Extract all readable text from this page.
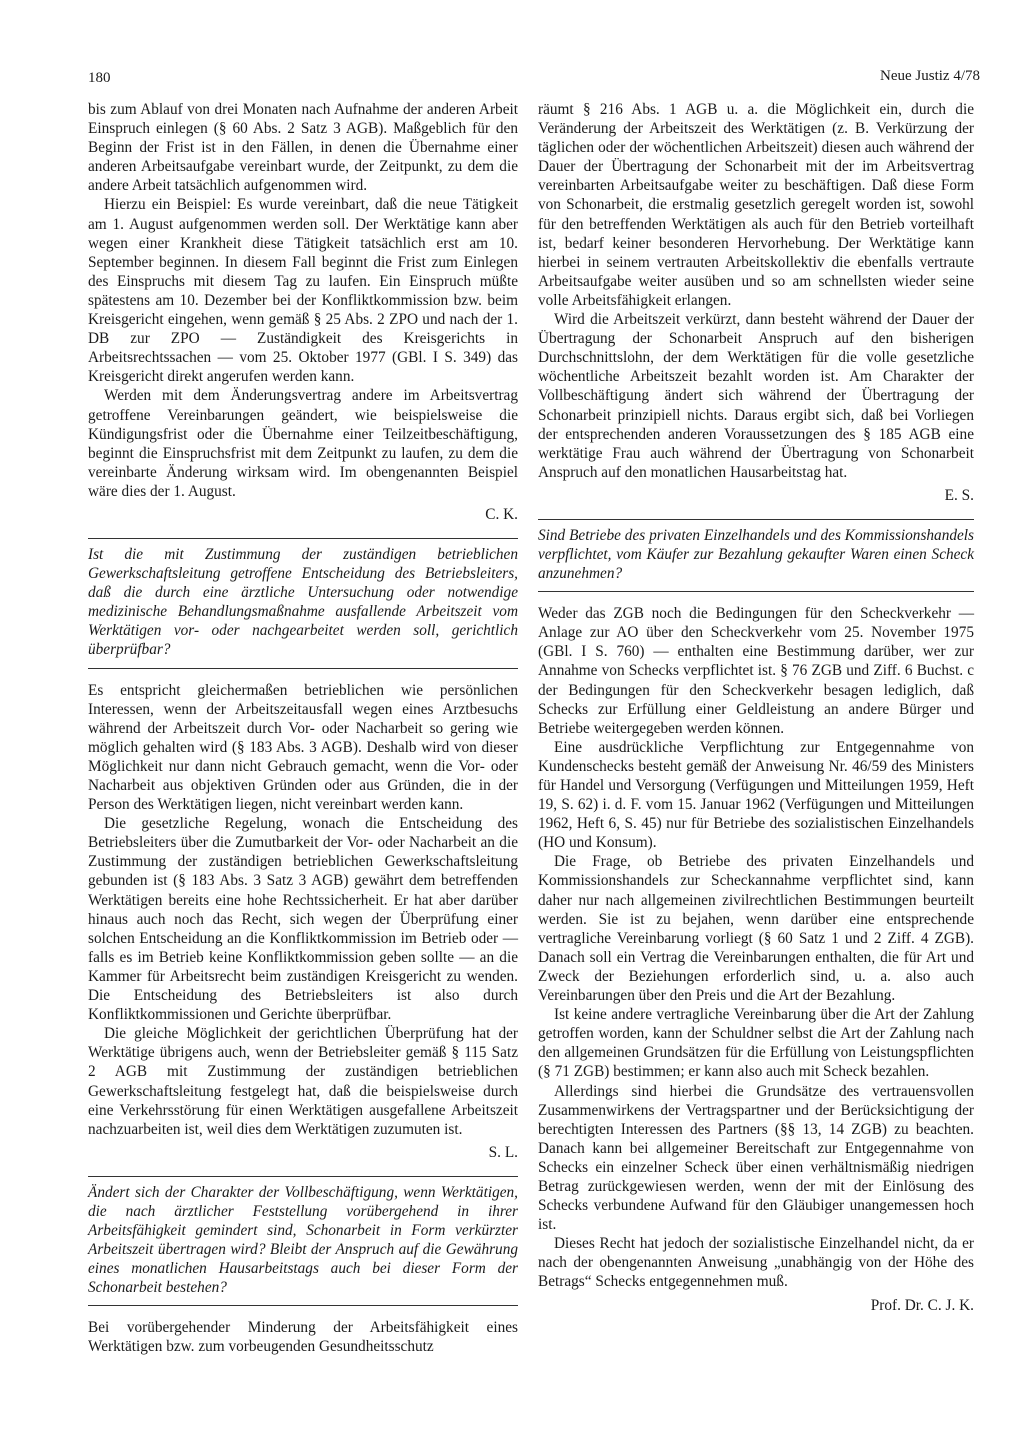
180	Neue Justiz 4/78

bis zum Ablauf von drei Monaten nach Aufnahme der anderen Arbeit Einspruch einlegen (§ 60 Abs. 2 Satz 3 AGB). Maßgeblich für den Beginn der Frist ist in den Fällen, in denen die Übernahme einer anderen Arbeitsaufgabe vereinbart wurde, der Zeitpunkt, zu dem die andere Arbeit tatsächlich aufgenommen wird.

Hierzu ein Beispiel: Es wurde vereinbart, daß die neue Tätigkeit am 1. August aufgenommen werden soll. Der Werktätige kann aber wegen einer Krankheit diese Tätigkeit tatsächlich erst am 10. September beginnen. In diesem Fall beginnt die Frist zum Einlegen des Einspruchs mit diesem Tag zu laufen. Ein Einspruch müßte spätestens am 10. Dezember bei der Konfliktkommission bzw. beim Kreisgericht eingehen, wenn gemäß § 25 Abs. 2 ZPO und nach der 1. DB zur ZPO — Zuständigkeit des Kreisgerichts in Arbeitsrechtssachen — vom 25. Oktober 1977 (GBl. I S. 349) das Kreisgericht direkt angerufen werden kann.

Werden mit dem Änderungsvertrag andere im Arbeitsvertrag getroffene Vereinbarungen geändert, wie beispielsweise die Kündigungsfrist oder die Übernahme einer Teilzeitbeschäftigung, beginnt die Einspruchsfrist mit dem Zeitpunkt zu laufen, zu dem die vereinbarte Änderung wirksam wird. Im obengenannten Beispiel wäre dies der 1. August.

C. K.

Ist die mit Zustimmung der zuständigen betrieblichen Gewerkschaftsleitung getroffene Entscheidung des Betriebsleiters, daß die durch eine ärztliche Untersuchung oder notwendige medizinische Behandlungsmaßnahme ausfallende Arbeitszeit vom Werktätigen vor- oder nachgearbeitet werden soll, gerichtlich überprüfbar?

Es entspricht gleichermaßen betrieblichen wie persönlichen Interessen, wenn der Arbeitszeitausfall wegen eines Arztbesuchs während der Arbeitszeit durch Vor- oder Nacharbeit so gering wie möglich gehalten wird (§ 183 Abs. 3 AGB). Deshalb wird von dieser Möglichkeit nur dann nicht Gebrauch gemacht, wenn die Vor- oder Nacharbeit aus objektiven Gründen oder aus Gründen, die in der Person des Werktätigen liegen, nicht vereinbart werden kann.

Die gesetzliche Regelung, wonach die Entscheidung des Betriebsleiters über die Zumutbarkeit der Vor- oder Nacharbeit an die Zustimmung der zuständigen betrieblichen Gewerkschaftsleitung gebunden ist (§ 183 Abs. 3 Satz 3 AGB) gewährt dem betreffenden Werktätigen bereits eine hohe Rechtssicherheit. Er hat aber darüber hinaus auch noch das Recht, sich wegen der Überprüfung einer solchen Entscheidung an die Konfliktkommission im Betrieb oder — falls es im Betrieb keine Konfliktkommission geben sollte — an die Kammer für Arbeitsrecht beim zuständigen Kreisgericht zu wenden. Die Entscheidung des Betriebsleiters ist also durch Konfliktkommissionen und Gerichte überprüfbar.

Die gleiche Möglichkeit der gerichtlichen Überprüfung hat der Werktätige übrigens auch, wenn der Betriebsleiter gemäß § 115 Satz 2 AGB mit Zustimmung der zuständigen betrieblichen Gewerkschaftsleitung festgelegt hat, daß die beispielsweise durch eine Verkehrsstörung für einen Werktätigen ausgefallene Arbeitszeit nachzuarbeiten ist, weil dies dem Werktätigen zuzumuten ist.

S. L.

Ändert sich der Charakter der Vollbeschäftigung, wenn Werktätigen, die nach ärztlicher Feststellung vorübergehend in ihrer Arbeitsfähigkeit gemindert sind, Schonarbeit in Form verkürzter Arbeitszeit übertragen wird? Bleibt der Anspruch auf die Gewährung eines monatlichen Hausarbeitstags auch bei dieser Form der Schonarbeit bestehen?

Bei vorübergehender Minderung der Arbeitsfähigkeit eines Werktätigen bzw. zum vorbeugenden Gesundheitsschutz

räumt § 216 Abs. 1 AGB u. a. die Möglichkeit ein, durch die Veränderung der Arbeitszeit des Werktätigen (z. B. Verkürzung der täglichen oder der wöchentlichen Arbeitszeit) diesen auch während der Dauer der Übertragung der Schonarbeit mit der im Arbeitsvertrag vereinbarten Arbeitsaufgabe weiter zu beschäftigen. Daß diese Form von Schonarbeit, die erstmalig gesetzlich geregelt worden ist, sowohl für den betreffenden Werktätigen als auch für den Betrieb vorteilhaft ist, bedarf keiner besonderen Hervorhebung. Der Werktätige kann hierbei in seinem vertrauten Arbeitskollektiv die ebenfalls vertraute Arbeitsaufgabe weiter ausüben und so am schnellsten wieder seine volle Arbeitsfähigkeit erlangen.

Wird die Arbeitszeit verkürzt, dann besteht während der Dauer der Übertragung der Schonarbeit Anspruch auf den bisherigen Durchschnittslohn, der dem Werktätigen für die volle gesetzliche wöchentliche Arbeitszeit bezahlt worden ist. Am Charakter der Vollbeschäftigung ändert sich während der Übertragung der Schonarbeit prinzipiell nichts. Daraus ergibt sich, daß bei Vorliegen der entsprechenden anderen Voraussetzungen des § 185 AGB eine werktätige Frau auch während der Übertragung von Schonarbeit Anspruch auf den monatlichen Hausarbeitstag hat.

E. S.

Sind Betriebe des privaten Einzelhandels und des Kommissionshandels verpflichtet, vom Käufer zur Bezahlung gekaufter Waren einen Scheck anzunehmen?

Weder das ZGB noch die Bedingungen für den Scheckverkehr — Anlage zur AO über den Scheckverkehr vom 25. November 1975 (GBl. I S. 760) — enthalten eine Bestimmung darüber, wer zur Annahme von Schecks verpflichtet ist. § 76 ZGB und Ziff. 6 Buchst. c der Bedingungen für den Scheckverkehr besagen lediglich, daß Schecks zur Erfüllung einer Geldleistung an andere Bürger und Betriebe weitergegeben werden können.

Eine ausdrückliche Verpflichtung zur Entgegennahme von Kundenschecks besteht gemäß der Anweisung Nr. 46/59 des Ministers für Handel und Versorgung (Verfügungen und Mitteilungen 1959, Heft 19, S. 62) i. d. F. vom 15. Januar 1962 (Verfügungen und Mitteilungen 1962, Heft 6, S. 45) nur für Betriebe des sozialistischen Einzelhandels (HO und Konsum).

Die Frage, ob Betriebe des privaten Einzelhandels und Kommissionshandels zur Scheckannahme verpflichtet sind, kann daher nur nach allgemeinen zivilrechtlichen Bestimmungen beurteilt werden. Sie ist zu bejahen, wenn darüber eine entsprechende vertragliche Vereinbarung vorliegt (§ 60 Satz 1 und 2 Ziff. 4 ZGB). Danach soll ein Vertrag die Vereinbarungen enthalten, die für Art und Zweck der Beziehungen erforderlich sind, u. a. also auch Vereinbarungen über den Preis und die Art der Bezahlung.

Ist keine andere vertragliche Vereinbarung über die Art der Zahlung getroffen worden, kann der Schuldner selbst die Art der Zahlung nach den allgemeinen Grundsätzen für die Erfüllung von Leistungspflichten (§ 71 ZGB) bestimmen; er kann also auch mit Scheck bezahlen.

Allerdings sind hierbei die Grundsätze des vertrauensvollen Zusammenwirkens der Vertragspartner und der Berücksichtigung der berechtigten Interessen des Partners (§§ 13, 14 ZGB) zu beachten. Danach kann bei allgemeiner Bereitschaft zur Entgegennahme von Schecks ein einzelner Scheck über einen verhältnismäßig niedrigen Betrag zurückgewiesen werden, wenn der mit der Einlösung des Schecks verbundene Aufwand für den Gläubiger unangemessen hoch ist.

Dieses Recht hat jedoch der sozialistische Einzelhandel nicht, da er nach der obengenannten Anweisung „unabhängig von der Höhe des Betrags“ Schecks entgegennehmen muß.

Prof. Dr. C. J. K.
